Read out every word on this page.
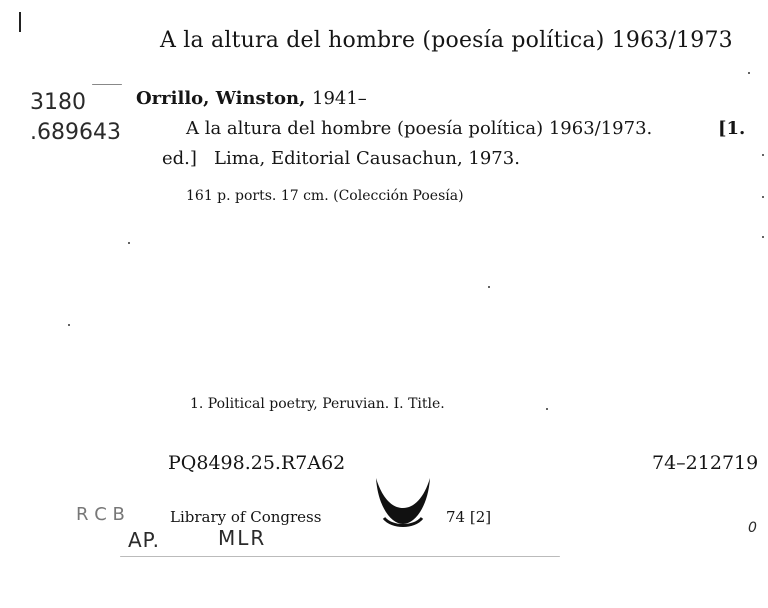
A la altura del hombre (poesía política) 1963/1973
3180
.689643
Orrillo, Winston, 1941–
A la altura del hombre (poesía política) 1963/1973.	[1.
ed.] Lima, Editorial Causachun, 1973.
161 p. ports. 17 cm. (Colección Poesía)
1. Political poetry, Peruvian. I. Title.
PQ8498.25.R7A62	74–212719
R C B	Library of Congress	74 [2]
AP.	MLR	0
